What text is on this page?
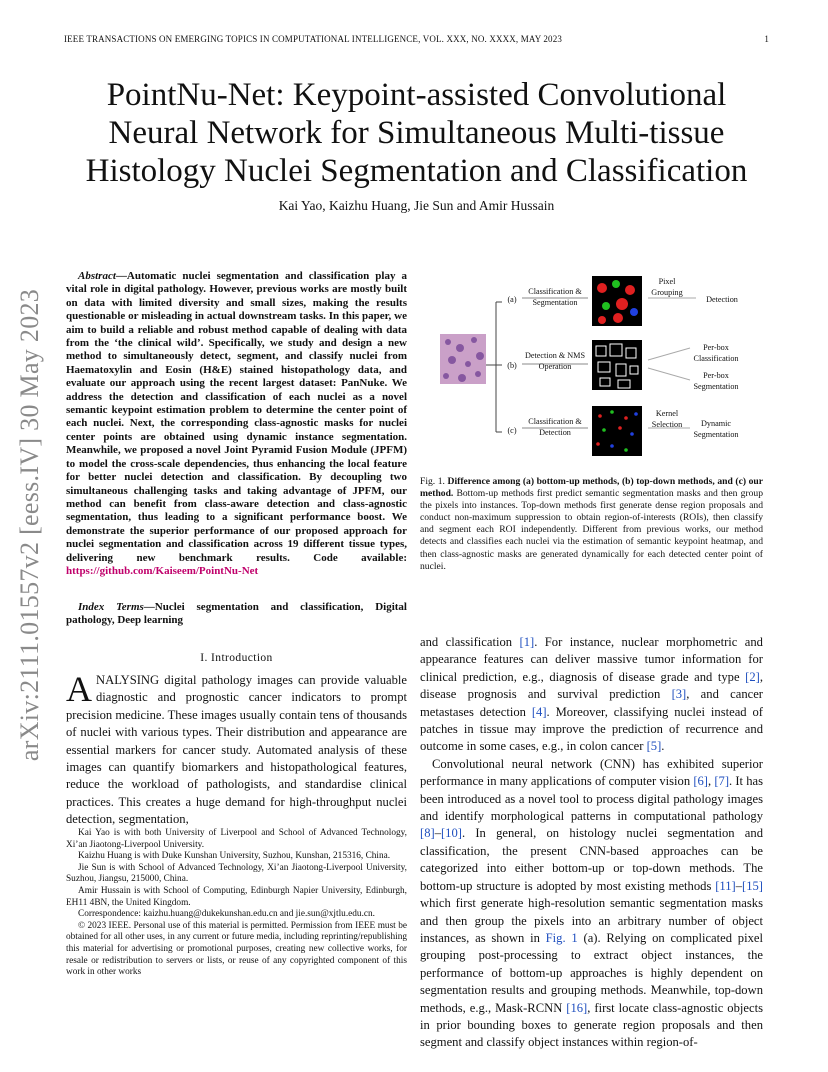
IEEE TRANSACTIONS ON EMERGING TOPICS IN COMPUTATIONAL INTELLIGENCE, VOL. XXX, NO. XXXX, MAY 2023	1
PointNu-Net: Keypoint-assisted Convolutional Neural Network for Simultaneous Multi-tissue Histology Nuclei Segmentation and Classification
Kai Yao, Kaizhu Huang, Jie Sun and Amir Hussain
arXiv:2111.01557v2 [eess.IV] 30 May 2023
Abstract—Automatic nuclei segmentation and classification play a vital role in digital pathology. However, previous works are mostly built on data with limited diversity and small sizes, making the results questionable or misleading in actual downstream tasks. In this paper, we aim to build a reliable and robust method capable of dealing with data from the ‘the clinical wild’. Specifically, we study and design a new method to simultaneously detect, segment, and classify nuclei from Haematoxylin and Eosin (H&E) stained histopathology data, and evaluate our approach using the recent largest dataset: PanNuke. We address the detection and classification of each nuclei as a novel semantic keypoint estimation problem to determine the center point of each nuclei. Next, the corresponding class-agnostic masks for nuclei center points are obtained using dynamic instance segmentation. Meanwhile, we proposed a novel Joint Pyramid Fusion Module (JPFM) to model the cross-scale dependencies, thus enhancing the local feature for better nuclei detection and classification. By decoupling two simultaneous challenging tasks and taking advantage of JPFM, our method can benefit from class-aware detection and class-agnostic segmentation, thus leading to a significant performance boost. We demonstrate the superior performance of our proposed approach for nuclei segmentation and classification across 19 different tissue types, delivering new benchmark results. Code available: https://github.com/Kaiseem/PointNu-Net
Index Terms—Nuclei segmentation and classification, Digital pathology, Deep learning
I. Introduction
ANALYSING digital pathology images can provide valuable diagnostic and prognostic cancer indicators to prompt precision medicine. These images usually contain tens of thousands of nuclei with various types. Their distribution and appearance are essential markers for cancer study. Automated analysis of these images can quantify biomarkers and histopathological features, reduce the workload of pathologists, and standardise clinical practices. This creates a huge demand for high-throughput nuclei detection, segmentation,

Kai Yao is with both University of Liverpool and School of Advanced Technology, Xi’an Jiaotong-Liverpool University.

Kaizhu Huang is with Duke Kunshan University, Suzhou, Kunshan, 215316, China.

Jie Sun is with School of Advanced Technology, Xi’an Jiaotong-Liverpool University, Suzhou, Jiangsu, 215000, China.

Amir Hussain is with School of Computing, Edinburgh Napier University, Edinburgh, EH11 4BN, the United Kingdom.

Correspondence: kaizhu.huang@dukekunshan.edu.cn and jie.sun@xjtlu.edu.cn.

© 2023 IEEE. Personal use of this material is permitted. Permission from IEEE must be obtained for all other uses, in any current or future media, including reprinting/republishing this material for advertising or promotional purposes, creating new collective works, for resale or redistribution to servers or lists, or reuse of any copyrighted component of this work in other works

(a)
(b)
(c)
Classification & Segmentation
Detection & NMS Operation
Classification & Detection
Pixel Grouping
Kernel Selection
Detection
Per-box Classification
Per-box Segmentation
Dynamic Segmentation
Fig. 1. Difference among (a) bottom-up methods, (b) top-down methods, and (c) our method. Bottom-up methods first predict semantic segmentation masks and then group the pixels into instances. Top-down methods first generate dense region proposals and conduct non-maximum suppression to obtain region-of-interests (ROIs), then classify and segment each ROI independently. Different from previous works, our method detects and classifies each nuclei via the estimation of semantic keypoint heatmap, and then class-agnostic masks are generated dynamically for each detected center point of nuclei.

and classification [1]. For instance, nuclear morphometric and appearance features can deliver massive tumor information for clinical prediction, e.g., diagnosis of disease grade and type [2], disease prognosis and survival prediction [3], and cancer metastases detection [4]. Moreover, classifying nuclei instead of patches in tissue may improve the prediction of recurrence and outcome in some cases, e.g., in colon cancer [5].

Convolutional neural network (CNN) has exhibited superior performance in many applications of computer vision [6], [7]. It has been introduced as a novel tool to process digital pathology images and identify morphological patterns in computational pathology [8]–[10]. In general, on histology nuclei segmentation and classification, the present CNN-based approaches can be categorized into either bottom-up or top-down methods. The bottom-up structure is adopted by most existing methods [11]–[15] which first generate high-resolution semantic segmentation masks and then group the pixels into an arbitrary number of object instances, as shown in Fig. 1 (a). Relying on complicated pixel grouping post-processing to extract object instances, the performance of bottom-up approaches is highly dependent on segmentation results and grouping methods. Meanwhile, top-down methods, e.g., Mask-RCNN [16], first locate class-agnostic objects in prior bounding boxes to generate region proposals and then segment and classify object instances within region-of-
